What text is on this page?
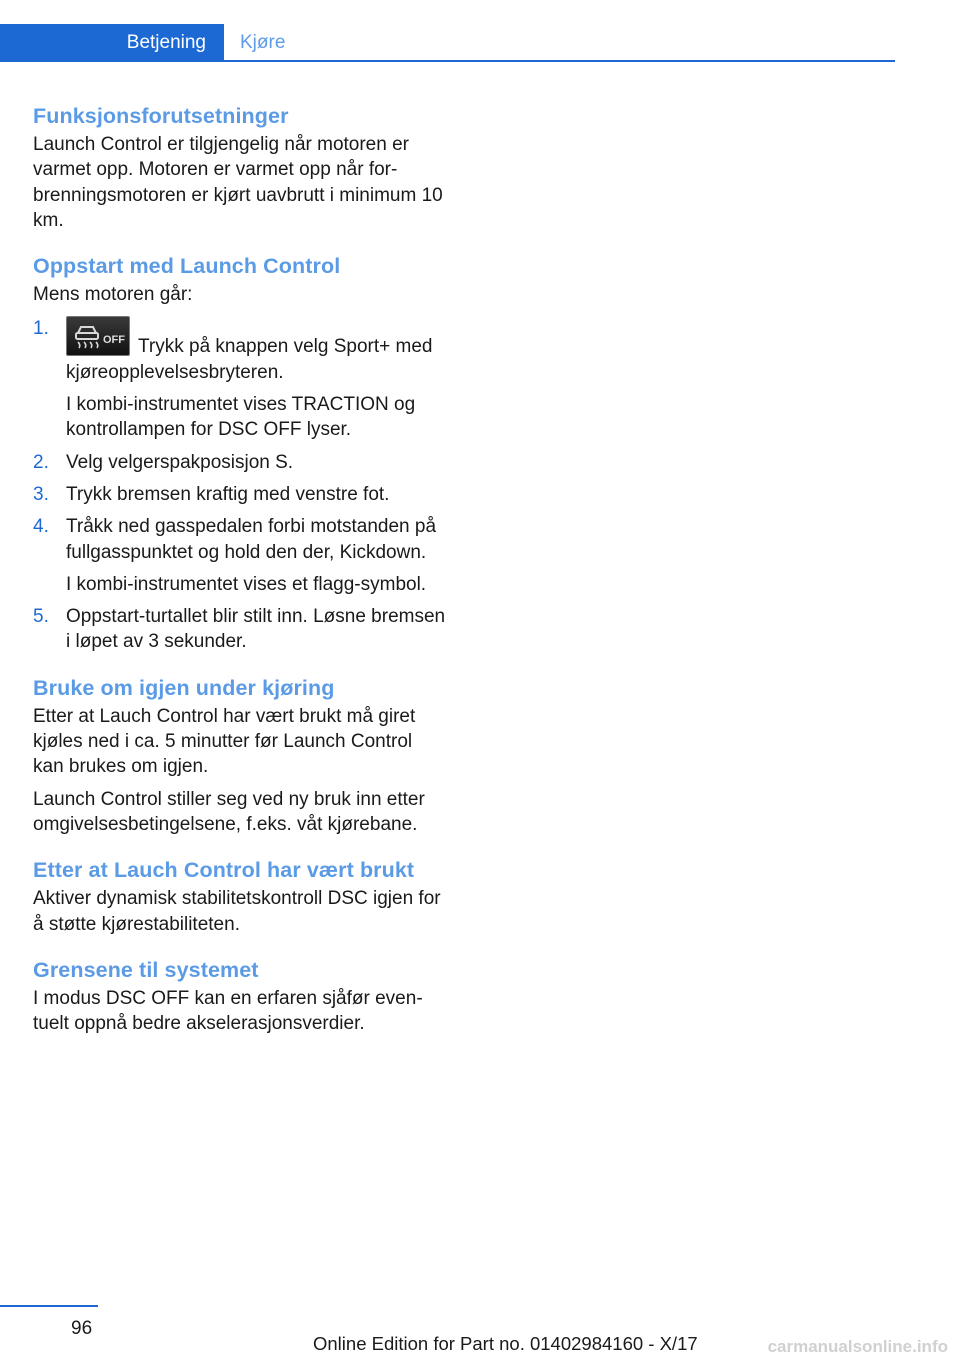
Betjening Kjøre
Funksjonsforutsetninger

Launch Control er tilgjengelig når motoren er varmet opp. Motoren er varmet opp når forbrenningsmotoren er kjørt uavbrutt i minimum 10 km.

Oppstart med Launch Control

Mens motoren går:

1.

OFF Trykk på knappen velg Sport+ med kjøreopplevelsesbryteren.

I kombi-instrumentet vises TRACTION og kontrollampen for DSC OFF lyser.

2. Velg velgerspakposisjon S.

3. Trykk bremsen kraftig med venstre fot.

4. Tråkk ned gasspedalen forbi motstanden på fullgasspunktet og hold den der, Kickdown.

I kombi-instrumentet vises et flagg-symbol.

5. Oppstart-turtallet blir stilt inn. Løsne bremsen i løpet av 3 sekunder.

Bruke om igjen under kjøring

Etter at Lauch Control har vært brukt må giret kjøles ned i ca. 5 minutter før Launch Control kan brukes om igjen.

Launch Control stiller seg ved ny bruk inn etter omgivelsesbetingelsene, f.eks. våt kjørebane.

Etter at Lauch Control har vært brukt

Aktiver dynamisk stabilitetskontroll DSC igjen for å støtte kjørestabiliteten.

Grensene til systemet

I modus DSC OFF kan en erfaren sjåfør eventuelt oppnå bedre akselerasjonsverdier.

96
Online Edition for Part no. 01402984160 - X/17	carmanualsonline.info
